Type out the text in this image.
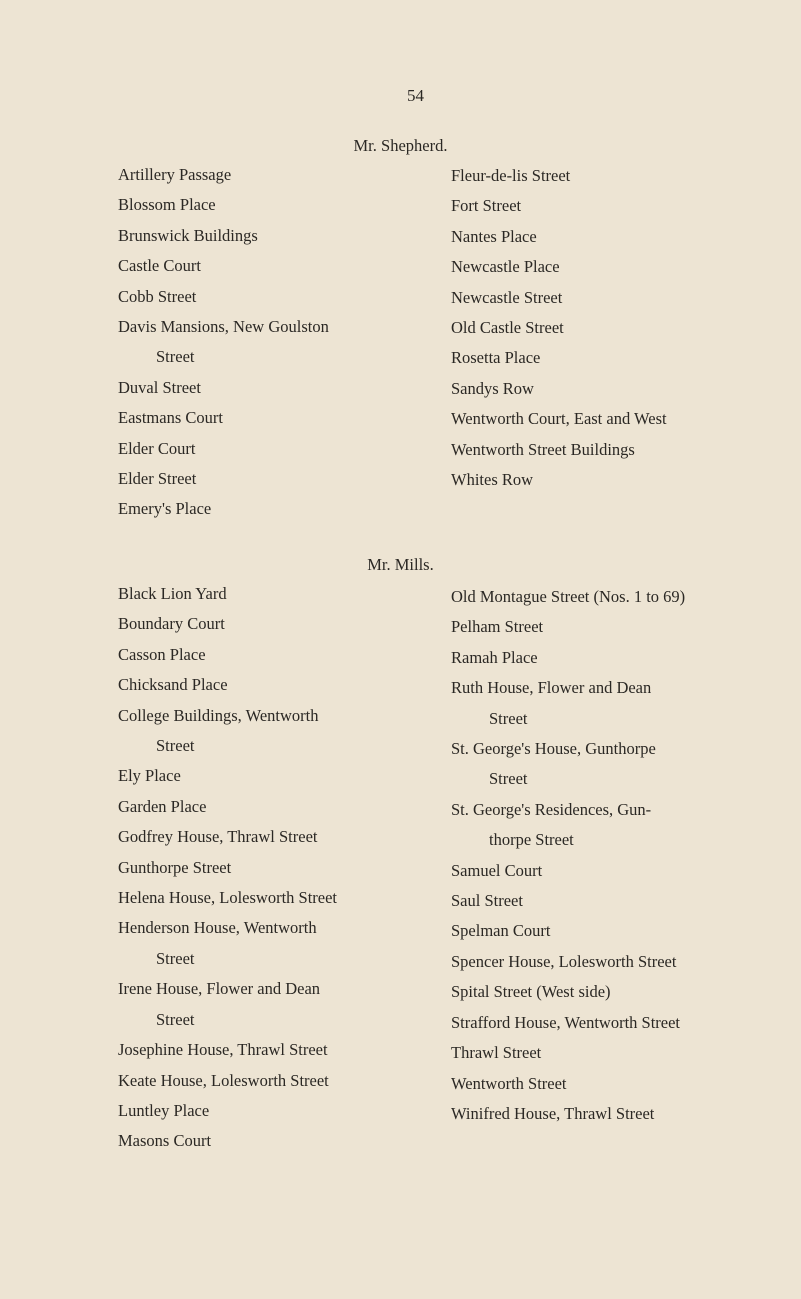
54
Mr. Shepherd.
Artillery Passage
Blossom Place
Brunswick Buildings
Castle Court
Cobb Street
Davis Mansions, New Goulston
Street
Duval Street
Eastmans Court
Elder Court
Elder Street
Emery's Place
Fleur-de-lis Street
Fort Street
Nantes Place
Newcastle Place
Newcastle Street
Old Castle Street
Rosetta Place
Sandys Row
Wentworth Court, East and West
Wentworth Street Buildings
Whites Row
Mr. Mills.
Black Lion Yard
Boundary Court
Casson Place
Chicksand Place
College Buildings, Wentworth
Street
Ely Place
Garden Place
Godfrey House, Thrawl Street
Gunthorpe Street
Helena House, Lolesworth Street
Henderson House, Wentworth
Street
Irene House, Flower and Dean
Street
Josephine House, Thrawl Street
Keate House, Lolesworth Street
Luntley Place
Masons Court
Old Montague Street (Nos. 1 to 69)
Pelham Street
Ramah Place
Ruth House, Flower and Dean
Street
St. George's House, Gunthorpe
Street
St. George's Residences, Gun-
thorpe Street
Samuel Court
Saul Street
Spelman Court
Spencer House, Lolesworth Street
Spital Street (West side)
Strafford House, Wentworth Street
Thrawl Street
Wentworth Street
Winifred House, Thrawl Street
